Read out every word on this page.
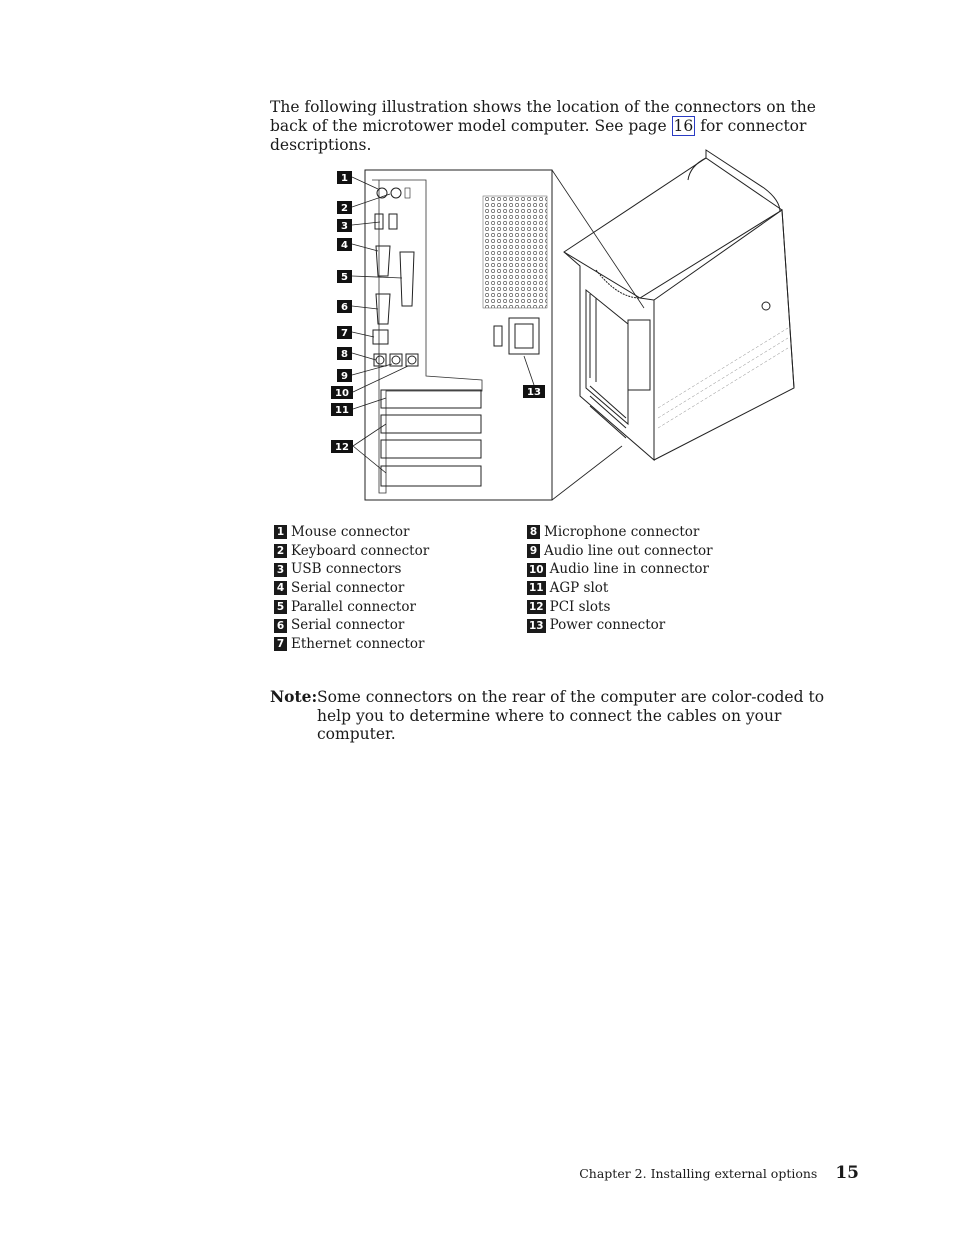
The following illustration shows the location of the connectors on the back of the microtower model computer. See page 16 for connector descriptions.

1
2
3
4
5
6
7
8
9
10
11
12
13
1 Mouse connector
2 Keyboard connector
3 USB connectors
4 Serial connector
5 Parallel connector
6 Serial connector
7 Ethernet connector
8 Microphone connector
9 Audio line out connector
10 Audio line in connector
11 AGP slot
12 PCI slots
13 Power connector
Note: Some connectors on the rear of the computer are color-coded to help you to determine where to connect the cables on your computer.
Chapter 2. Installing external options 15
